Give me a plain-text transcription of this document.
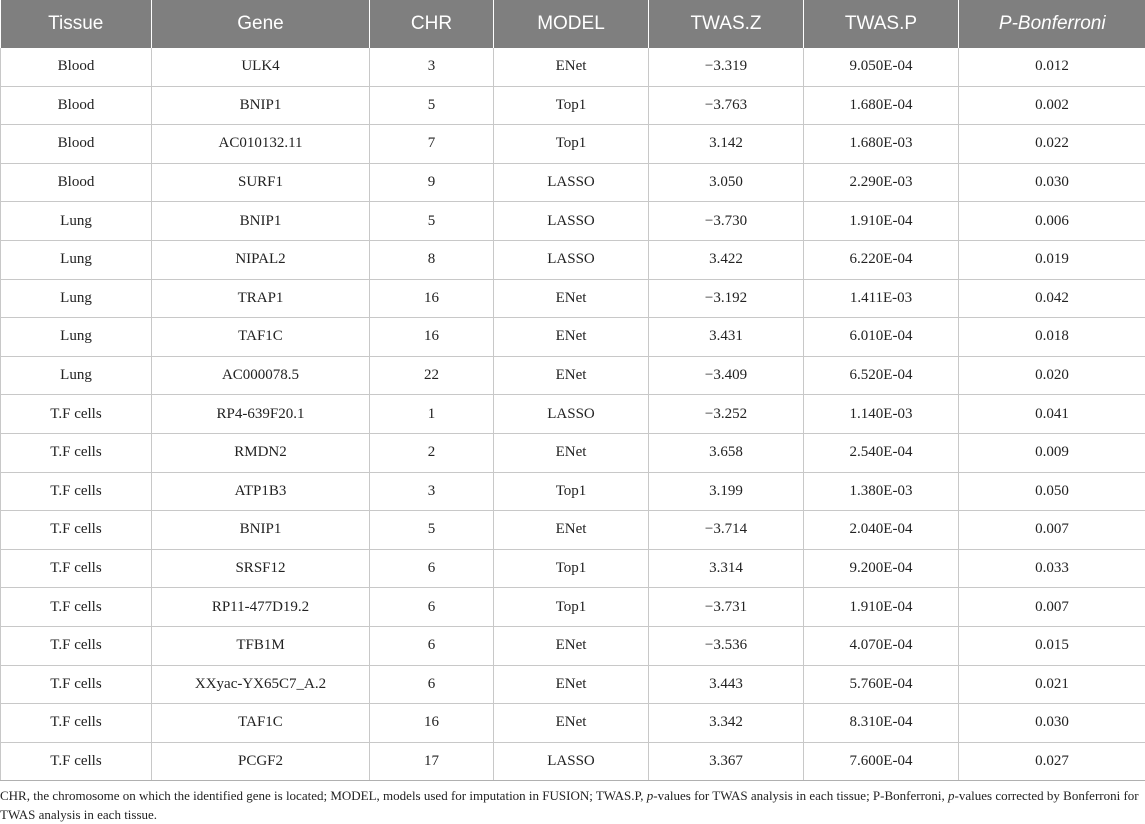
Tissue	Gene	CHR	MODEL	TWAS.Z	TWAS.P	P-Bonferroni
Blood	ULK4	3	ENet	−3.319	9.050E-04	0.012
Blood	BNIP1	5	Top1	−3.763	1.680E-04	0.002
Blood	AC010132.11	7	Top1	3.142	1.680E-03	0.022
Blood	SURF1	9	LASSO	3.050	2.290E-03	0.030
Lung	BNIP1	5	LASSO	−3.730	1.910E-04	0.006
Lung	NIPAL2	8	LASSO	3.422	6.220E-04	0.019
Lung	TRAP1	16	ENet	−3.192	1.411E-03	0.042
Lung	TAF1C	16	ENet	3.431	6.010E-04	0.018
Lung	AC000078.5	22	ENet	−3.409	6.520E-04	0.020
T.F cells	RP4-639F20.1	1	LASSO	−3.252	1.140E-03	0.041
T.F cells	RMDN2	2	ENet	3.658	2.540E-04	0.009
T.F cells	ATP1B3	3	Top1	3.199	1.380E-03	0.050
T.F cells	BNIP1	5	ENet	−3.714	2.040E-04	0.007
T.F cells	SRSF12	6	Top1	3.314	9.200E-04	0.033
T.F cells	RP11-477D19.2	6	Top1	−3.731	1.910E-04	0.007
T.F cells	TFB1M	6	ENet	−3.536	4.070E-04	0.015
T.F cells	XXyac-YX65C7_A.2	6	ENet	3.443	5.760E-04	0.021
T.F cells	TAF1C	16	ENet	3.342	8.310E-04	0.030
T.F cells	PCGF2	17	LASSO	3.367	7.600E-04	0.027
CHR, the chromosome on which the identified gene is located; MODEL, models used for imputation in FUSION; TWAS.P, p-values for TWAS analysis in each tissue; P-Bonferroni, p-values corrected by Bonferroni for TWAS analysis in each tissue.
